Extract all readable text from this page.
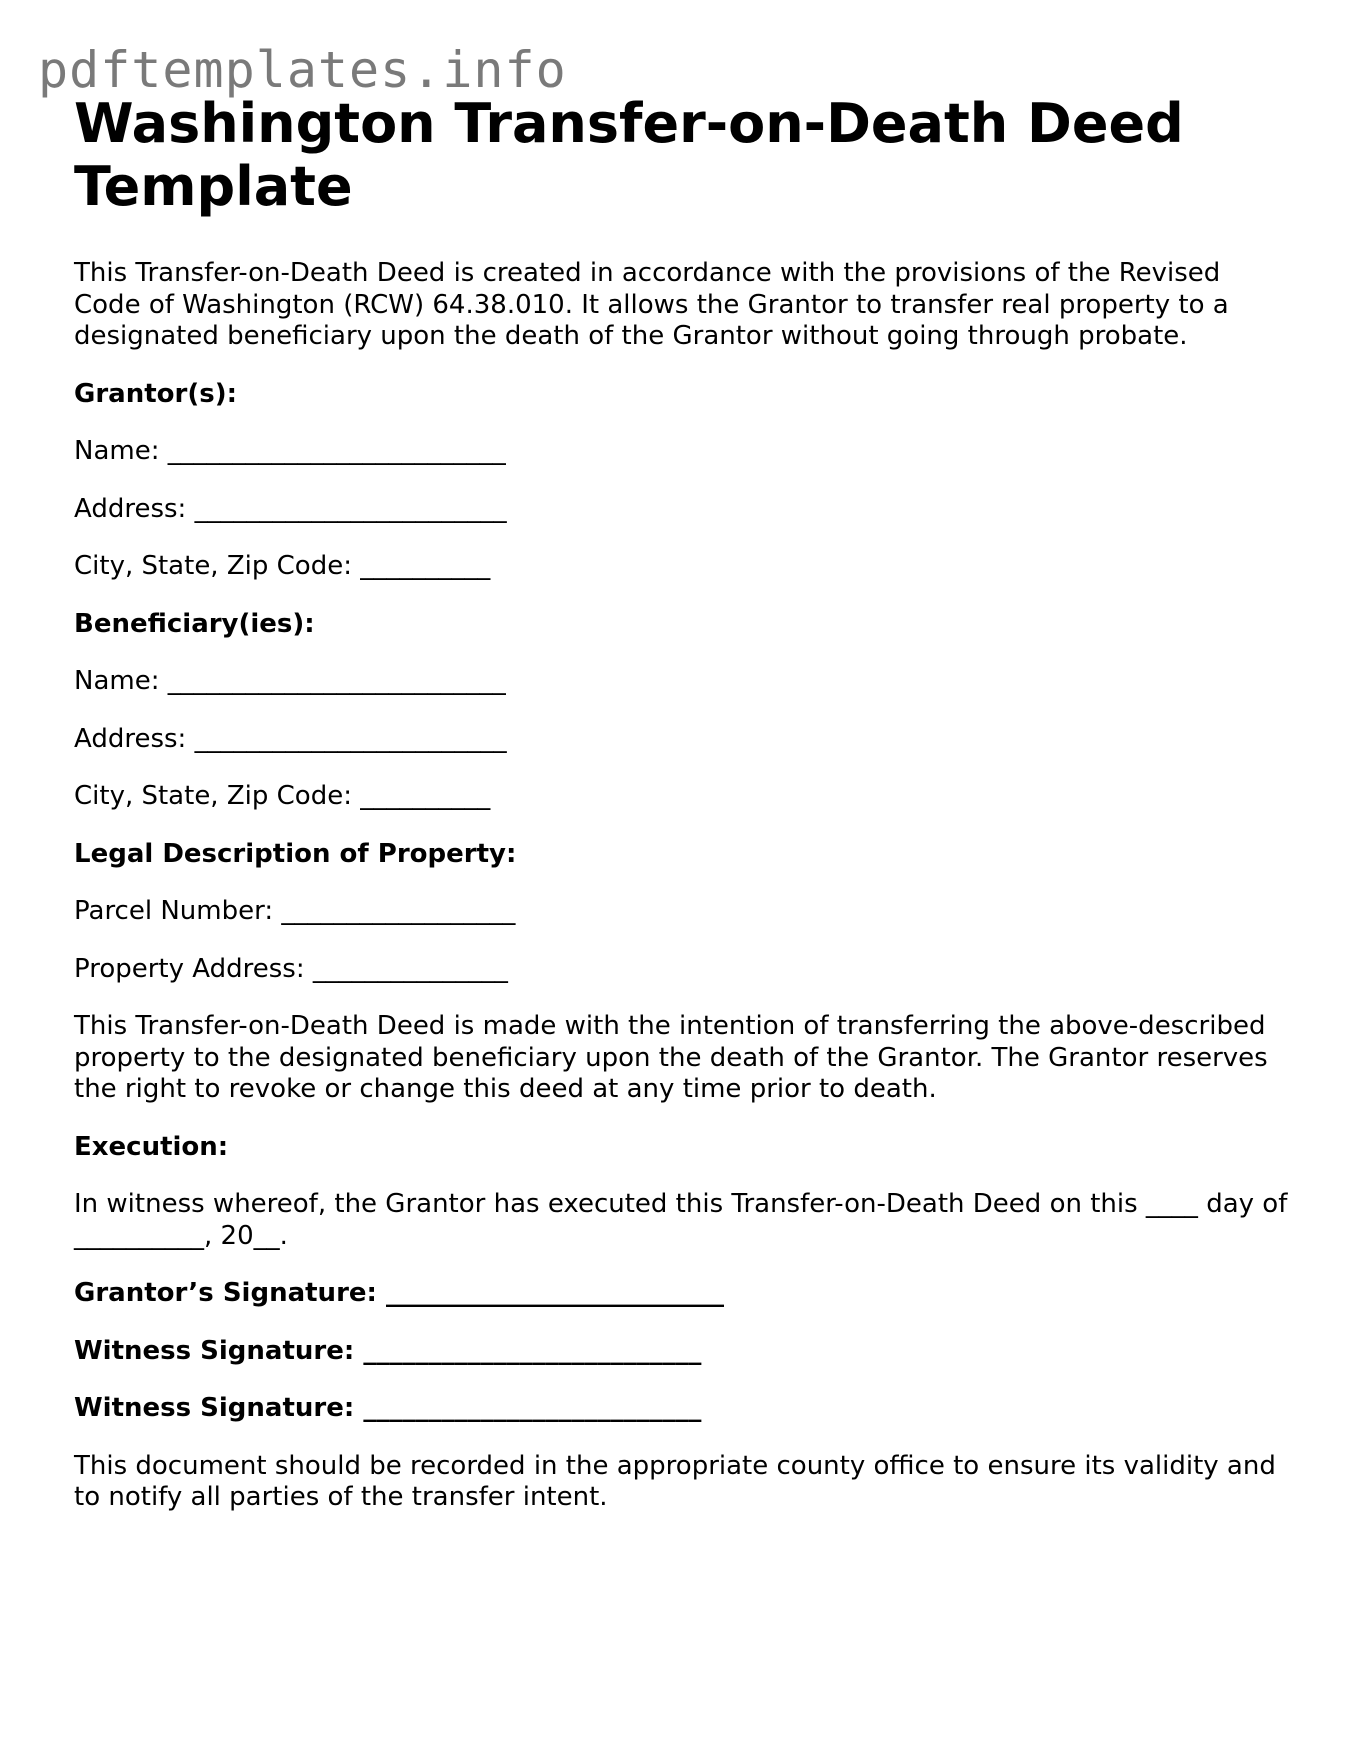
pdftemplates.info
Washington Transfer-on-Death Deed Template

This Transfer-on-Death Deed is created in accordance with the provisions of the Revised Code of Washington (RCW) 64.38.010. It allows the Grantor to transfer real property to a designated beneficiary upon the death of the Grantor without going through probate.

Grantor(s):

Name: __________________________

Address: ________________________

City, State, Zip Code: __________

Beneficiary(ies):

Name: __________________________

Address: ________________________

City, State, Zip Code: __________

Legal Description of Property:

Parcel Number: __________________

Property Address: _______________

This Transfer-on-Death Deed is made with the intention of transferring the above-described property to the designated beneficiary upon the death of the Grantor. The Grantor reserves the right to revoke or change this deed at any time prior to death.

Execution:

In witness whereof, the Grantor has executed this Transfer-on-Death Deed on this ____ day of __________, 20__.

Grantor’s Signature: __________________________

Witness Signature: __________________________

Witness Signature: __________________________

This document should be recorded in the appropriate county office to ensure its validity and to notify all parties of the transfer intent.
